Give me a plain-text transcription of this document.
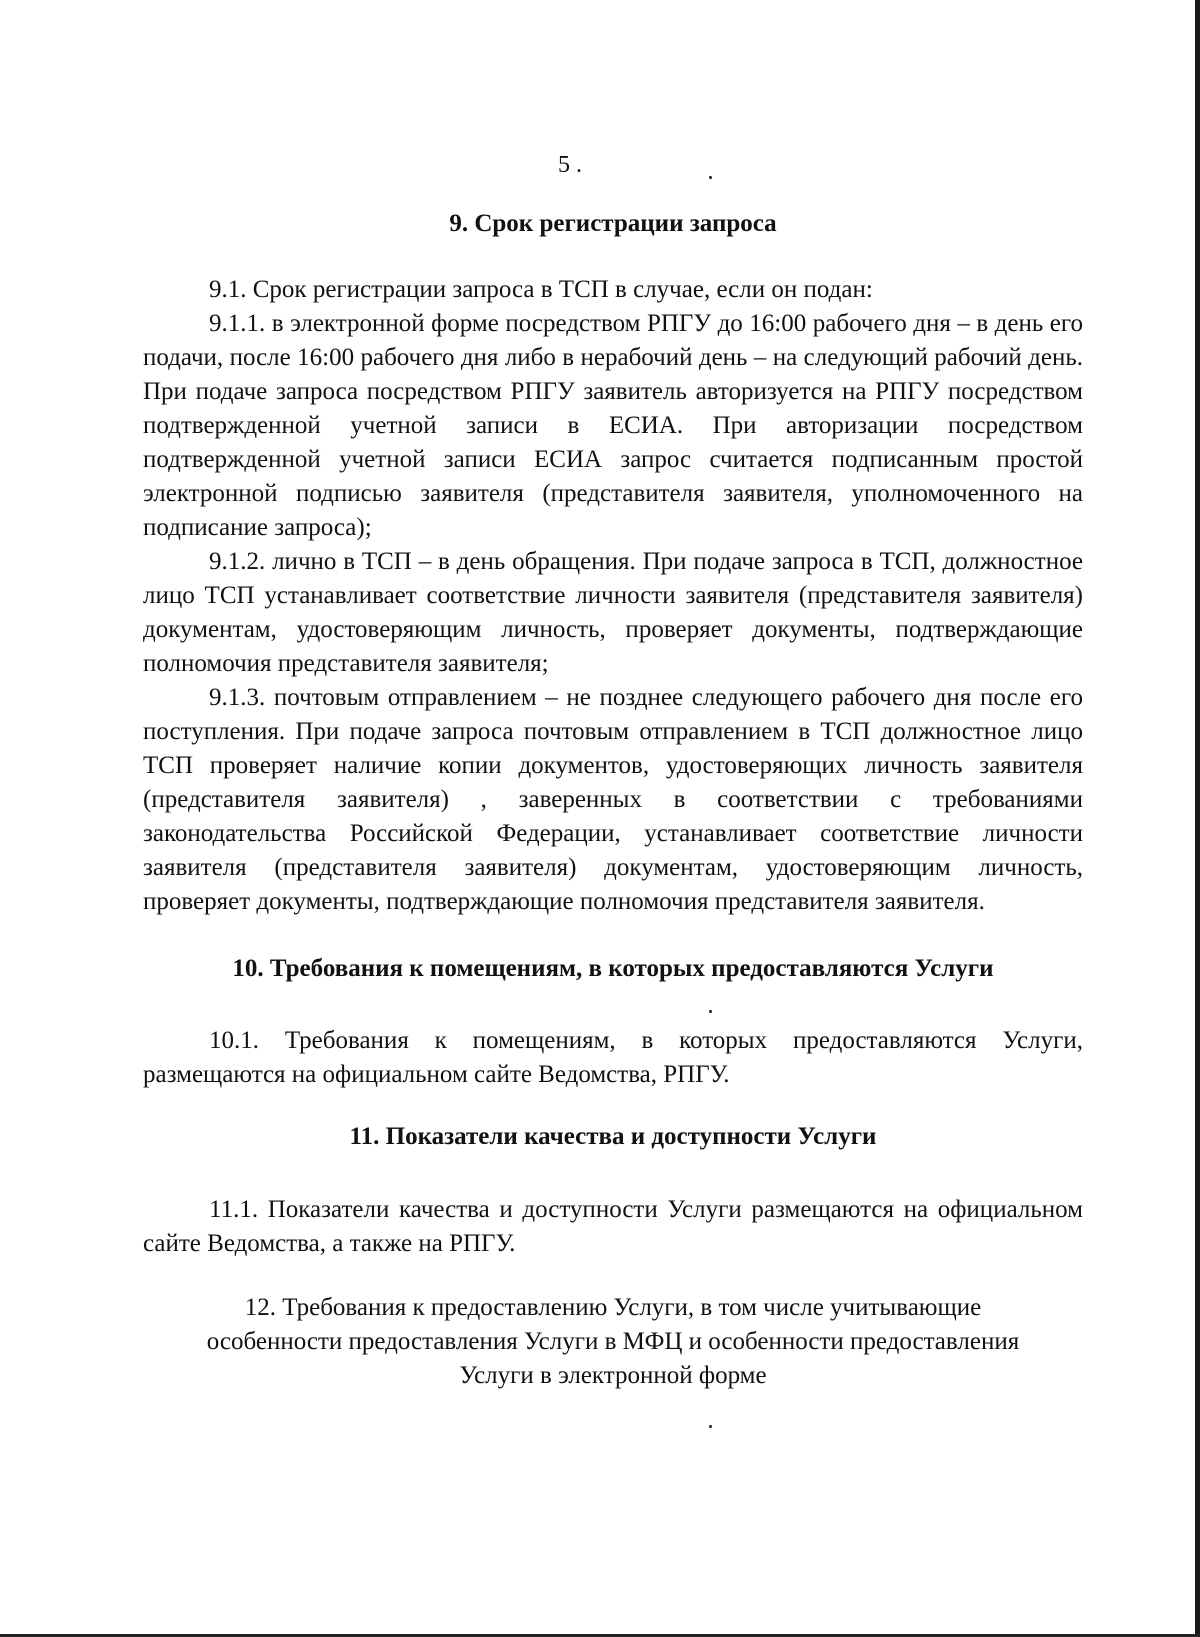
5 .
9. Срок регистрации запроса

9.1. Срок регистрации запроса в ТСП в случае, если он подан:

9.1.1. в электронной форме посредством РПГУ до 16:00 рабочего дня – в день его подачи, после 16:00 рабочего дня либо в нерабочий день – на следующий рабочий день. При подаче запроса посредством РПГУ заявитель авторизуется на РПГУ посредством подтвержденной учетной записи в ЕСИА. При авторизации посредством подтвержденной учетной записи ЕСИА запрос считается подписанным простой электронной подписью заявителя (представителя заявителя, уполномоченного на подписание запроса);

9.1.2. лично в ТСП – в день обращения. При подаче запроса в ТСП, должностное лицо ТСП устанавливает соответствие личности заявителя (представителя заявителя) документам, удостоверяющим личность, проверяет документы, подтверждающие полномочия представителя заявителя;

9.1.3. почтовым отправлением – не позднее следующего рабочего дня после его поступления. При подаче запроса почтовым отправлением в ТСП должностное лицо ТСП проверяет наличие копии документов, удостоверяющих личность заявителя (представителя заявителя) , заверенных в соответствии с требованиями законодательства Российской Федерации, устанавливает соответствие личности заявителя (представителя заявителя) документам, удостоверяющим личность, проверяет документы, подтверждающие полномочия представителя заявителя.

10. Требования к помещениям, в которых предоставляются Услуги

10.1. Требования к помещениям, в которых предоставляются Услуги, размещаются на официальном сайте Ведомства, РПГУ.

11. Показатели качества и доступности Услуги

11.1. Показатели качества и доступности Услуги размещаются на официальном сайте Ведомства, а также на РПГУ.

12. Требования к предоставлению Услуги, в том числе учитывающие

особенности предоставления Услуги в МФЦ и особенности предоставления

Услуги в электронной форме
